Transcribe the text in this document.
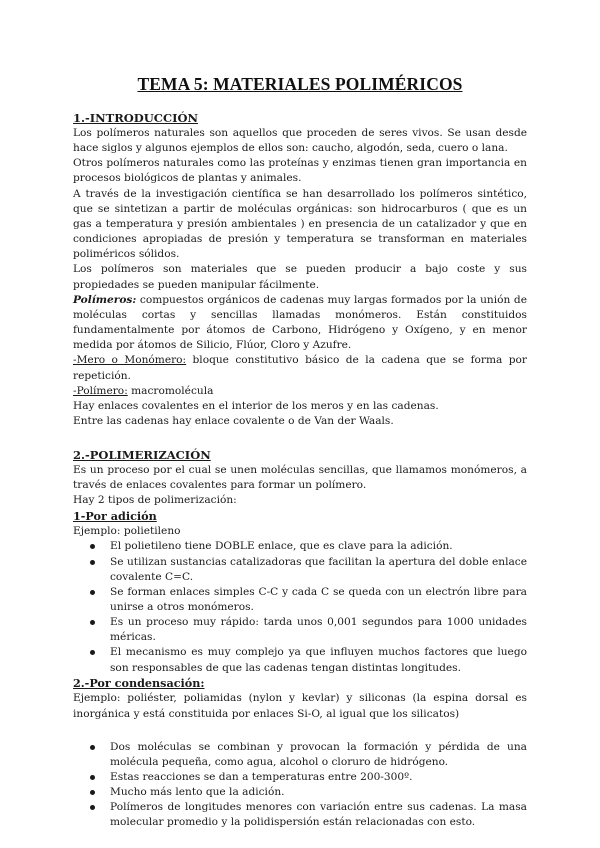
TEMA 5: MATERIALES POLIMÉRICOS

1.-INTRODUCCIÓN

Los polímeros naturales son aquellos que proceden de seres vivos. Se usan desde hace siglos y algunos ejemplos de ellos son: caucho, algodón, seda, cuero o lana.

Otros polímeros naturales como las proteínas y enzimas tienen gran importancia en procesos biológicos de plantas y animales.

A través de la investigación científica se han desarrollado los polímeros sintético, que se sintetizan a partir de moléculas orgánicas: son hidrocarburos ( que es un gas a temperatura y presión ambientales ) en presencia de un catalizador y que en condiciones apropiadas de presión y temperatura se transforman en materiales poliméricos sólidos.

Los polímeros son materiales que se pueden producir a bajo coste y sus propiedades se pueden manipular fácilmente.

Polímeros: compuestos orgánicos de cadenas muy largas formados por la unión de moléculas cortas y sencillas llamadas monómeros. Están constituidos fundamentalmente por átomos de Carbono, Hidrógeno y Oxígeno, y en menor medida por átomos de Silicio, Flúor, Cloro y Azufre.

-Mero o Monómero: bloque constitutivo básico de la cadena que se forma por repetición.

-Polímero: macromolécula

Hay enlaces covalentes en el interior de los meros y en las cadenas.

Entre las cadenas hay enlace covalente o de Van der Waals.

2.-POLIMERIZACIÓN

Es un proceso por el cual se unen moléculas sencillas, que llamamos monómeros, a través de enlaces covalentes para formar un polímero.

Hay 2 tipos de polimerización:

1-Por adición

Ejemplo: polietileno

El polietileno tiene DOBLE enlace, que es clave para la adición.
Se utilizan sustancias catalizadoras que facilitan la apertura del doble enlace covalente C=C.
Se forman enlaces simples C-C y cada C se queda con un electrón libre para unirse a otros monómeros.
Es un proceso muy rápido: tarda unos 0,001 segundos para 1000 unidades méricas.
El mecanismo es muy complejo ya que influyen muchos factores que luego son responsables de que las cadenas tengan distintas longitudes.

2.-Por condensación:

Ejemplo: poliéster, poliamidas (nylon y kevlar) y siliconas (la espina dorsal es inorgánica y está constituida por enlaces Si-O, al igual que los silicatos)

Dos moléculas se combinan y provocan la formación y pérdida de una molécula pequeña, como agua, alcohol o cloruro de hidrógeno.
Estas reacciones se dan a temperaturas entre 200-300º.
Mucho más lento que la adición.
Polímeros de longitudes menores con variación entre sus cadenas. La masa molecular promedio y la polidispersión están relacionadas con esto.
